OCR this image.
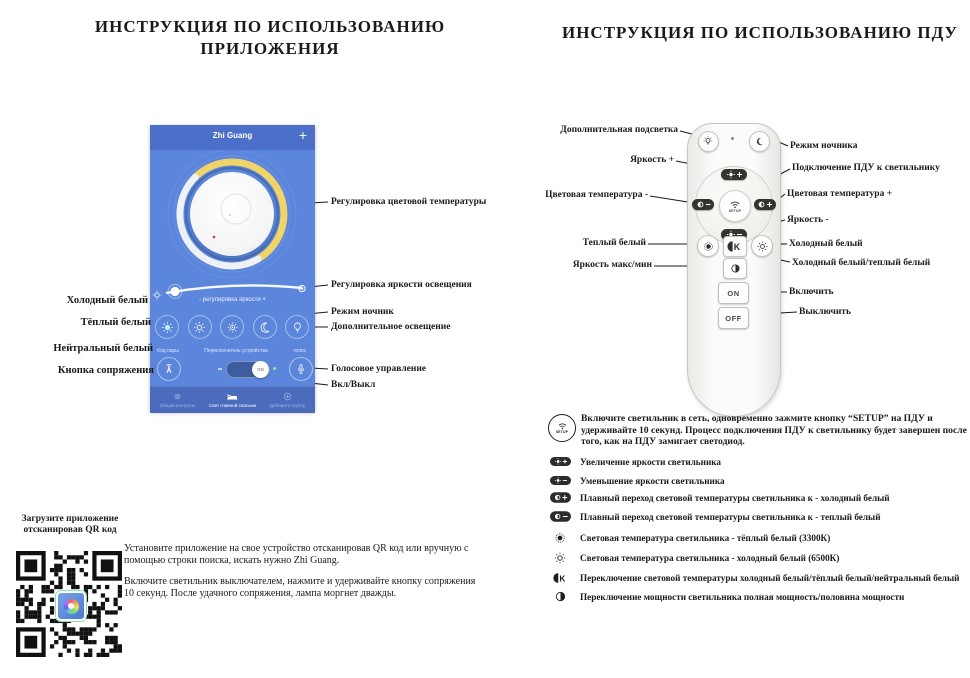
ИНСТРУКЦИЯ ПО ИСПОЛЬЗОВАНИЮ
ПРИЛОЖЕНИЯ
Zhi Guang	+
- регулировка яркости +
Код пары	Переключатель устройства	голос
ON
Общий контроль	Свет главной спальни	Добавить группу
Холодный белый
Тёплый белый
Нейтральный белый
Кнопка сопряжения
Регулировка цветовой температуры
Регулировка яркости освещения
Режим ночник
Дополнительное освещение
Голосовое управление
Вкл/Выкл
Загрузите приложение
отсканировав QR код
Установите приложение на свое устройство отсканировав QR код или вручную с помощью строки поиска, искать нужно Zhi Guang.
Включите светильник выключателем, нажмите и удерживайте кнопку сопряжения 10 секунд. После удачного сопряжения, лампа моргнет дважды.
ИНСТРУКЦИЯ ПО ИСПОЛЬЗОВАНИЮ ПДУ
SETUP
K
ON
OFF
Дополнительная подсветка
Яркость +
Цветовая температура -
Теплый белый
Яркость макс/мин
Режим ночника
Подключение ПДУ к светильнику
Цветовая температура +
Яркость -
Холодный белый
Холодный белый/теплый белый
Включить
Выключить
SETUP
Включите светильник в сеть, одновременно зажмите кнопку “SETUP” на ПДУ и удерживайте 10 секунд. Процесс подключения ПДУ к светильнику будет завершен после того, как на ПДУ замигает светодиод.
Увеличение яркости светильника
Уменьшение яркости светильника
Плавный переход световой температуры светильника к - холодный белый
Плавный переход световой температуры светильника к - теплый белый
Световая температура светильника - тёплый белый (3300К)
Световая температура светильника - холодный белый (6500К)
K Переключение световой температуры холодный белый/тёплый белый/нейтральный белый
Переключение мощности светильника полная мощность/половина мощности
